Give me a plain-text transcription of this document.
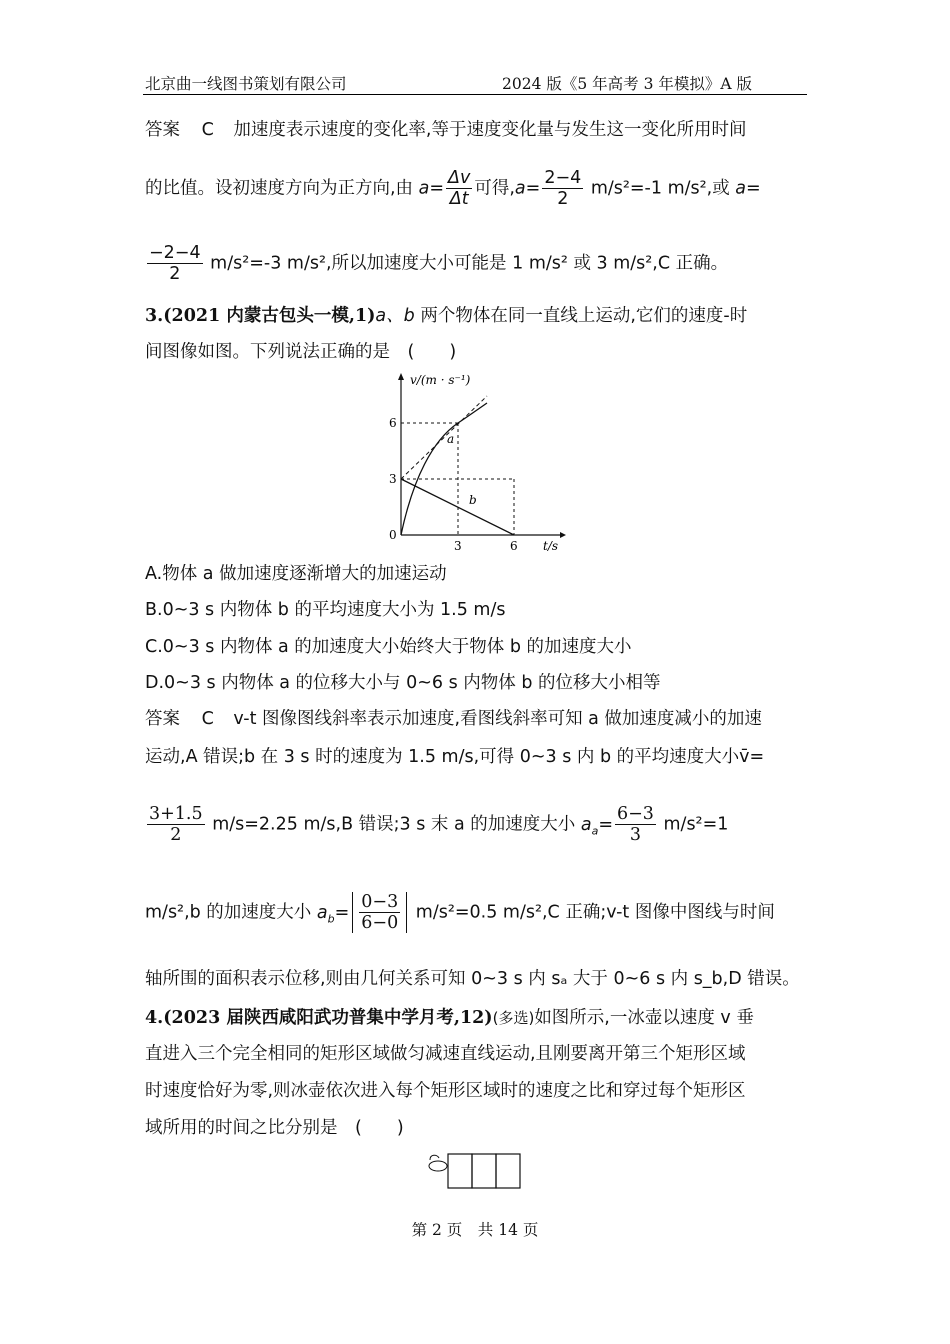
北京曲一线图书策划有限公司	2024 版《5 年高考 3 年模拟》A 版
答案 C 加速度表示速度的变化率,等于速度变化量与发生这一变化所用时间
的比值。设初速度方向为正方向,由 $a= \frac{\Delta v}{\Delta t}$ 可得$,a= \frac{2-4}{2} m/s^2=-1$ m/s²,或 a=
$\frac{-2-4}{2} m/s^2=-3$ m/s²,所以加速度大小可能是 1 m/s² 或 3 m/s²,C 正确。
3.(2021 内蒙古包头一模,1)a、b 两个物体在同一直线上运动,它们的速度-时
间图像如图。下列说法正确的是　(　　)
v/(m · s⁻¹)
t/s
0
3
6
3	6
a
b
A.物体 a 做加速度逐渐增大的加速运动
B.0~3 s 内物体 b 的平均速度大小为 1.5 m/s
C.0~3 s 内物体 a 的加速度大小始终大于物体 b 的加速度大小
D.0~3 s 内物体 a 的位移大小与 0~6 s 内物体 b 的位移大小相等
答案 C v-t 图像图线斜率表示加速度,看图线斜率可知 a 做加速度减小的加速
运动,A 错误;b 在 3 s 时的速度为 1.5 m/s,可得 0~3 s 内 b 的平均速度大小v̄=
$\frac{3+1.5}{2} m/s=2.25$ m/s,B 错误;3 s 末 a 的加速度大小 $a_a= \frac{6-3}{3} m/s^2=1$
m/s²,b 的加速度大小 $a_b= \frac{0-3}{6-0} m/s^2=0.5$ m/s²,C 正确;v-t 图像中图线与时间
轴所围的面积表示位移,则由几何关系可知 0~3 s 内 sₐ 大于 0~6 s 内 s_b,D 错误。
4.(2023 届陕西咸阳武功普集中学月考,12)(多选)如图所示,一冰壶以速度 v 垂
直进入三个完全相同的矩形区域做匀减速直线运动,且刚要离开第三个矩形区域
时速度恰好为零,则冰壶依次进入每个矩形区域时的速度之比和穿过每个矩形区
域所用的时间之比分别是　(　　)
第 2 页　共 14 页
